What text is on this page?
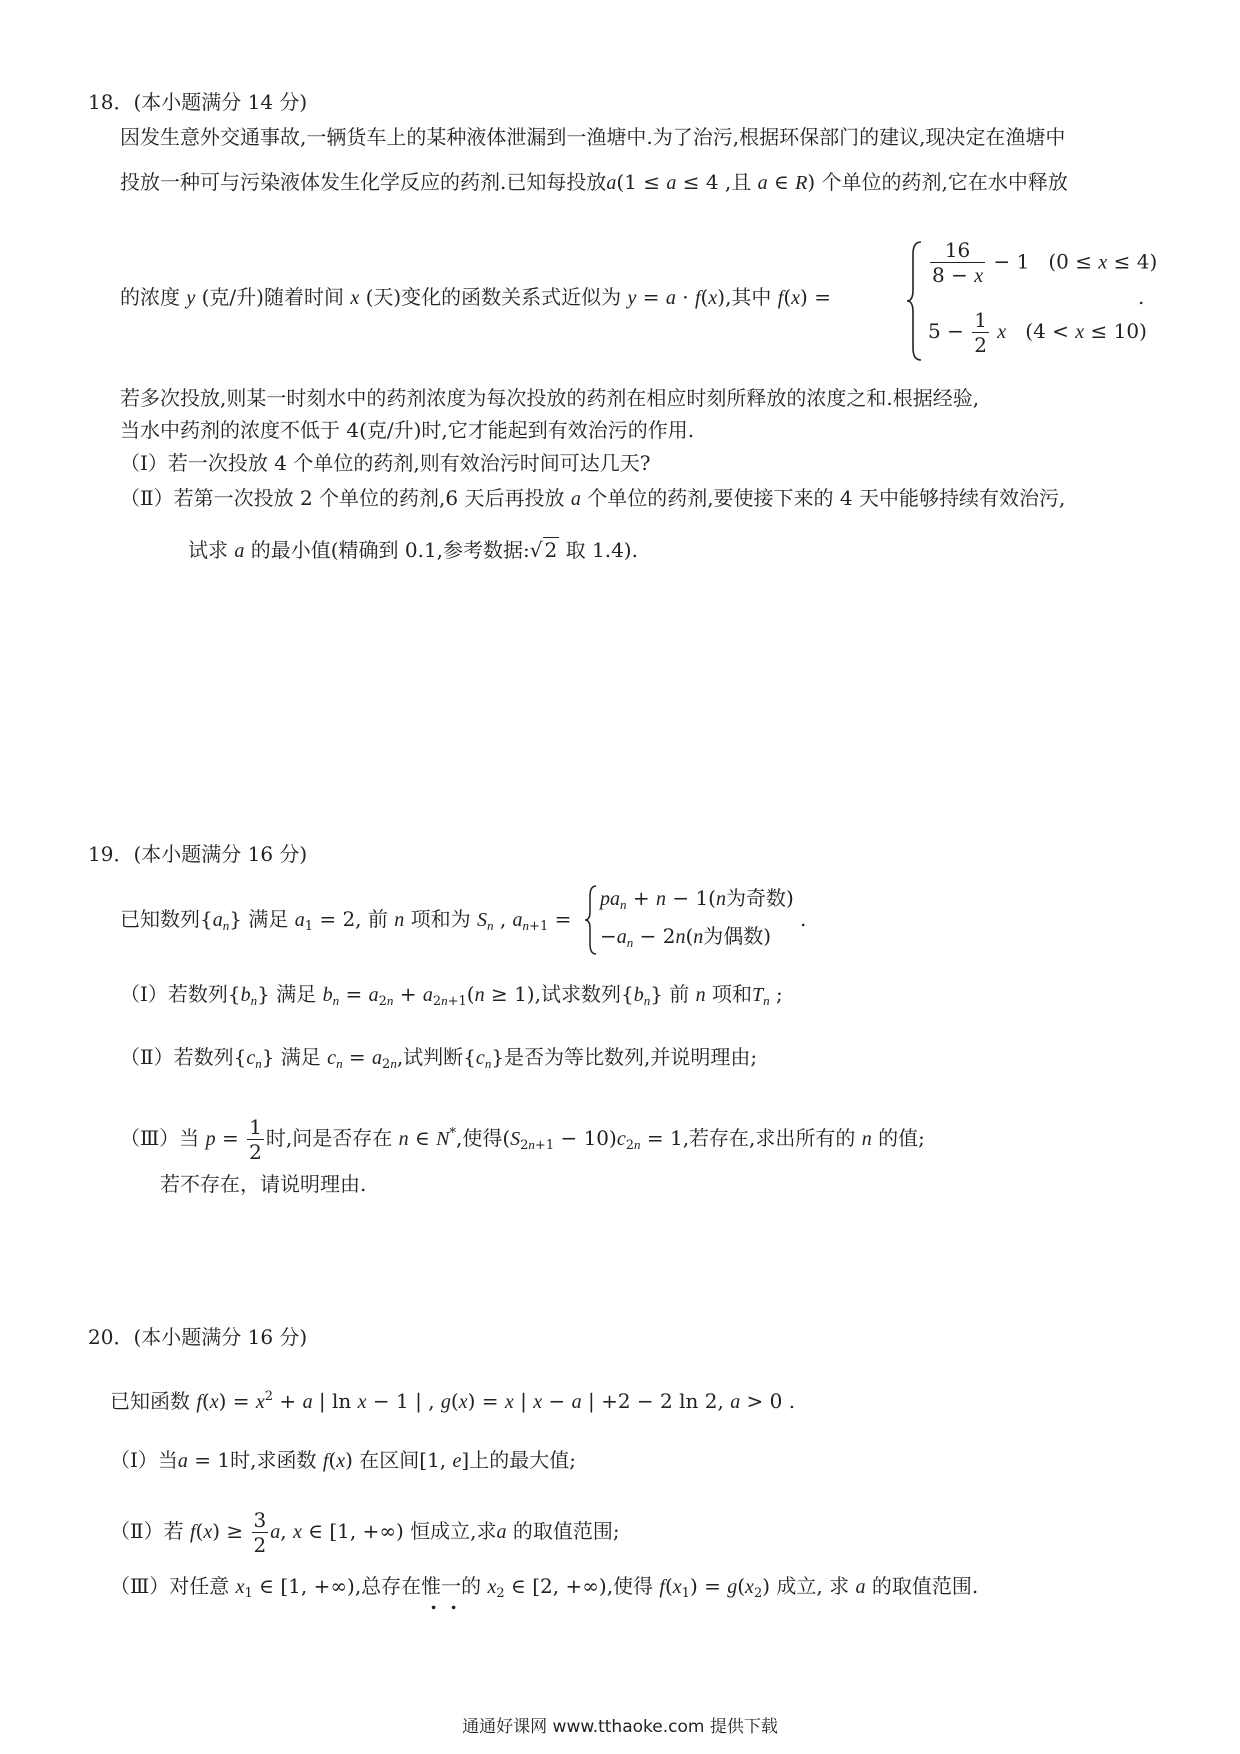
18．(本小题满分 14 分)
因发生意外交通事故,一辆货车上的某种液体泄漏到一渔塘中.为了治污,根据环保部门的建议,现决定在渔塘中
投放一种可与污染液体发生化学反应的药剂.已知每投放a(1 ≤ a ≤ 4 ,且 a ∈ R) 个单位的药剂,它在水中释放
的浓度 y (克/升)随着时间 x (天)变化的函数关系式近似为 y = a · f(x),其中 f(x) =
$\frac{16}{8 - x} - 1$   (0 ≤ x ≤ 4)
$5 - \frac{1}{2}$ x   (4 < x ≤ 10)
.
若多次投放,则某一时刻水中的药剂浓度为每次投放的药剂在相应时刻所释放的浓度之和.根据经验,
当水中药剂的浓度不低于 4(克/升)时,它才能起到有效治污的作用.
（Ⅰ）若一次投放 4 个单位的药剂,则有效治污时间可达几天?
（Ⅱ）若第一次投放 2 个单位的药剂,6 天后再投放 a 个单位的药剂,要使接下来的 4 天中能够持续有效治污,
试求 a 的最小值(精确到 0.1,参考数据:√ 2 取 1.4).
19．(本小题满分 16 分)
已知数列$\{a_n\}$ 满足 $a_1 = 2$, 前 n 项和为 $S_n$ , $a_{n+1}$ =
$pa_n + n - 1(n$为奇数)
$-a_n - 2n(n$为偶数)
.
（Ⅰ）若数列$\{b_n\}$ 满足 $b_n = a_{2n} + a_{2n+1}(n \ge 1)$,试求数列$\{b_n\}$ 前 n 项和$T_n$ ;
（Ⅱ）若数列$\{c_n\}$ 满足 $c_n = a_{2n}$,试判断$\{c_n\}$是否为等比数列,并说明理由;
（Ⅲ）当 $p = \frac{1}{2}$ 时,问是否存在 n ∈ N*,使得$(S_{2n+1} - 10)c_{2n} = 1$,若存在,求出所有的 n 的值;
若不存在，请说明理由.
20．(本小题满分 16 分)
已知函数 $f(x) = x^2 + a$ | ln x − 1 | , g(x) = x | x − a | +2 − 2 ln 2, a > 0 .
（Ⅰ）当a = 1时,求函数 f(x) 在区间[1, e]上的最大值;
（Ⅱ）若 $f(x) \ge \frac{3}{2} a$, x ∈ [1, +∞) 恒成立,求a 的取值范围;
（Ⅲ）对任意 $x_1$ ∈ [1, +∞),总存在惟一的 $x_2$ ∈ [2, +∞),使得 $f(x_1) = g(x_2)$ 成立, 求 a 的取值范围.
通通好课网 www.tthaoke.com 提供下载
